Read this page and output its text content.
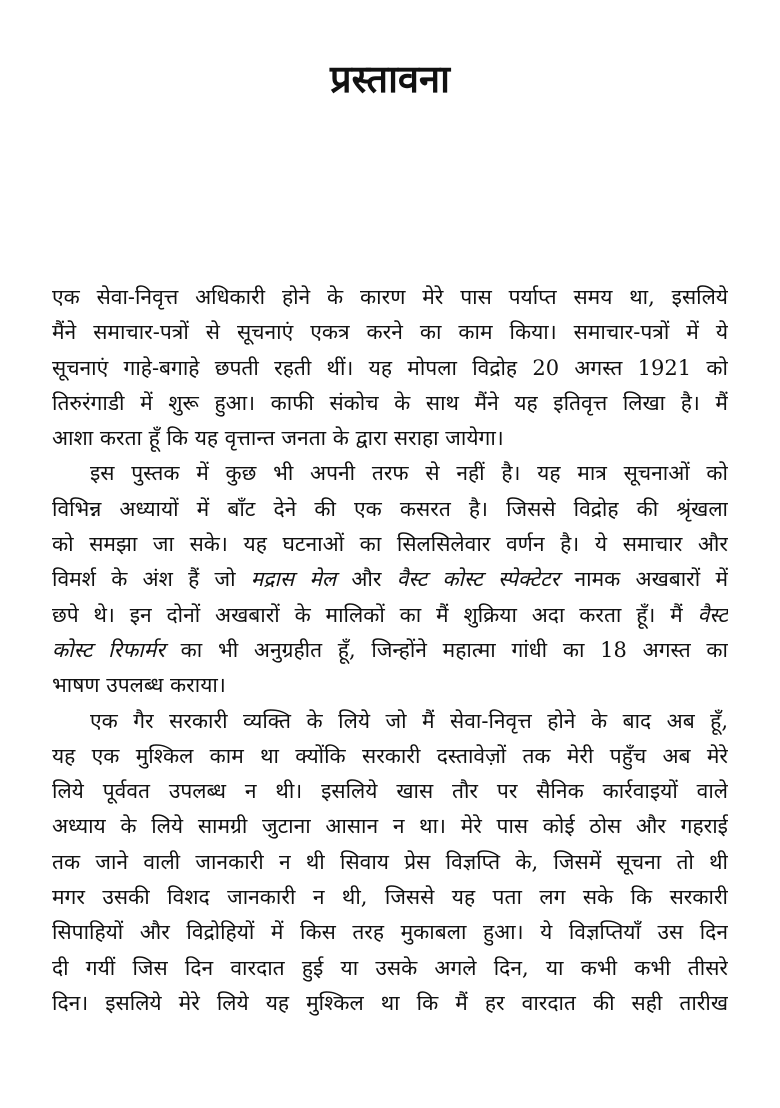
प्रस्तावना
एक सेवा-निवृत्त अधिकारी होने के कारण मेरे पास पर्याप्त समय था, इसलिये
मैंने समाचार-पत्रों से सूचनाएं एकत्र करने का काम किया। समाचार-पत्रों में ये
सूचनाएं गाहे-बगाहे छपती रहती थीं। यह मोपला विद्रोह 20 अगस्त 1921 को
तिरुरंगाडी में शुरू हुआ। काफी संकोच के साथ मैंने यह इतिवृत्त लिखा है। मैं
आशा करता हूँ कि यह वृत्तान्त जनता के द्वारा सराहा जायेगा।
इस पुस्तक में कुछ भी अपनी तरफ से नहीं है। यह मात्र सूचनाओं को
विभिन्न अध्यायों में बाँट देने की एक कसरत है। जिससे विद्रोह की श्रृंखला
को समझा जा सके। यह घटनाओं का सिलसिलेवार वर्णन है। ये समाचार और
विमर्श के अंश हैं जो मद्रास मेल और वैस्ट कोस्ट स्पेक्टेटर नामक अखबारों में
छपे थे। इन दोनों अखबारों के मालिकों का मैं शुक्रिया अदा करता हूँ। मैं वैस्ट
कोस्ट रिफार्मर का भी अनुग्रहीत हूँ, जिन्होंने महात्मा गांधी का 18 अगस्त का
भाषण उपलब्ध कराया।
एक गैर सरकारी व्यक्ति के लिये जो मैं सेवा-निवृत्त होने के बाद अब हूँ,
यह एक मुश्किल काम था क्योंकि सरकारी दस्तावेज़ों तक मेरी पहुँच अब मेरे
लिये पूर्ववत उपलब्ध न थी। इसलिये खास तौर पर सैनिक कार्रवाइयों वाले
अध्याय के लिये सामग्री जुटाना आसान न था। मेरे पास कोई ठोस और गहराई
तक जाने वाली जानकारी न थी सिवाय प्रेस विज्ञप्ति के, जिसमें सूचना तो थी
मगर उसकी विशद जानकारी न थी, जिससे यह पता लग सके कि सरकारी
सिपाहियों और विद्रोहियों में किस तरह मुकाबला हुआ। ये विज्ञप्तियाँ उस दिन
दी गयीं जिस दिन वारदात हुई या उसके अगले दिन, या कभी कभी तीसरे
दिन। इसलिये मेरे लिये यह मुश्किल था कि मैं हर वारदात की सही तारीख
